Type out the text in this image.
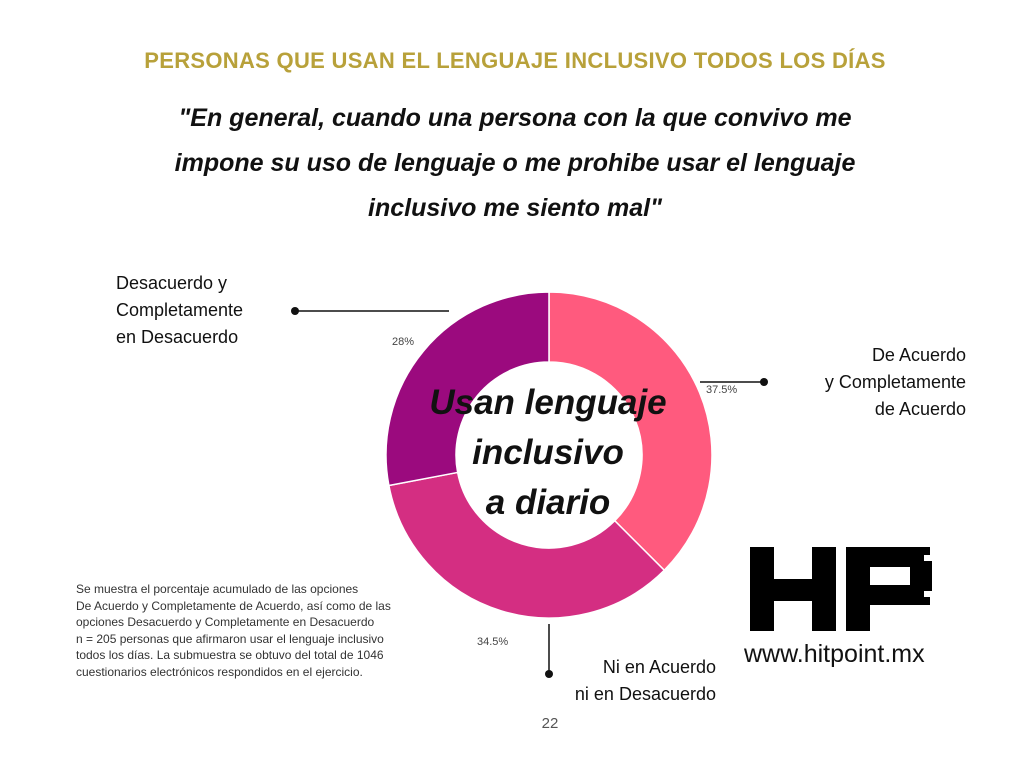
PERSONAS QUE USAN EL LENGUAJE INCLUSIVO TODOS LOS DÍAS
"En general, cuando una persona con la que convivo me
impone su uso de lenguaje o me prohibe usar el lenguaje
inclusivo me siento mal"
Usan lenguaje
inclusivo
a diario
Desacuerdo y
Completamente
en Desacuerdo
De Acuerdo
y Completamente
de Acuerdo
Ni en Acuerdo
ni en Desacuerdo
28%
37.5%
34.5%
Se muestra el porcentaje acumulado de las opciones
De Acuerdo y Completamente de Acuerdo, así como de las
opciones Desacuerdo y Completamente en Desacuerdo
n = 205 personas que afirmaron usar el lenguaje inclusivo
todos los días. La submuestra se obtuvo del total de 1046
cuestionarios electrónicos respondidos en el ejercicio.
22
www.hitpoint.mx
